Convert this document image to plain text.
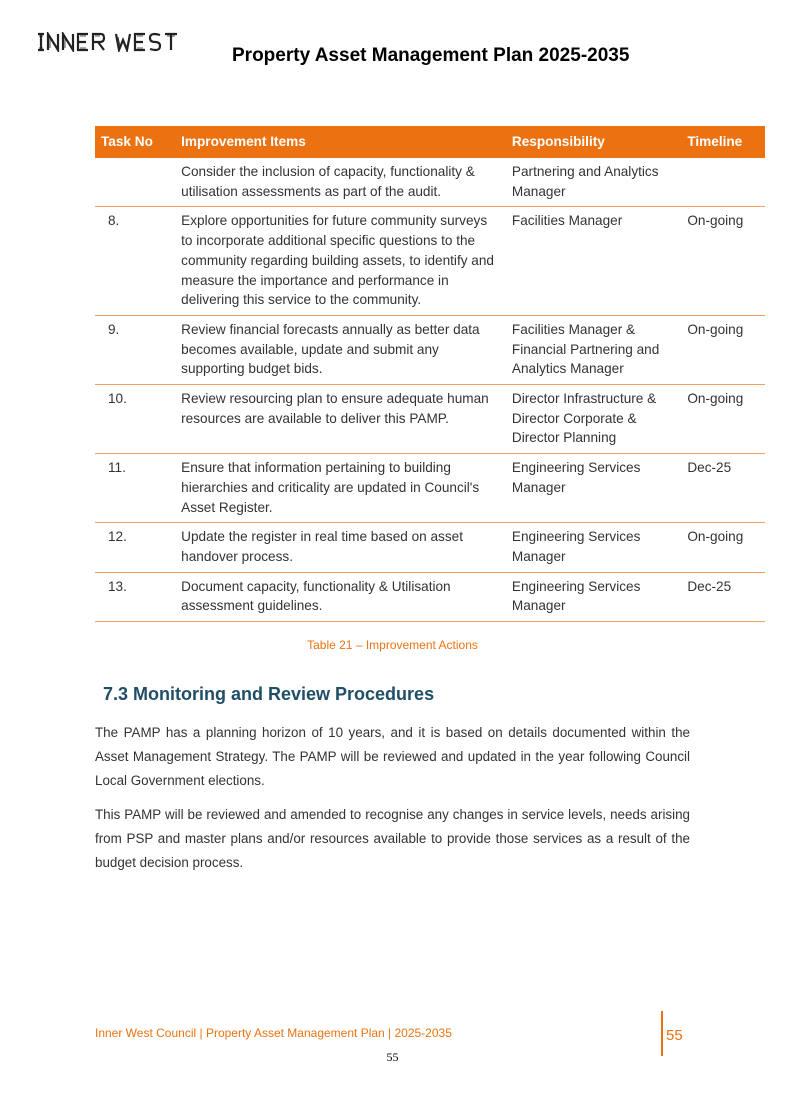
Property Asset Management Plan 2025-2035
Task No	Improvement Items	Responsibility	Timeline
	Consider the inclusion of capacity, functionality & utilisation assessments as part of the audit.	Partnering and Analytics Manager	
8.	Explore opportunities for future community surveys to incorporate additional specific questions to the community regarding building assets, to identify and measure the importance and performance in delivering this service to the community.	Facilities Manager	On-going
9.	Review financial forecasts annually as better data becomes available, update and submit any supporting budget bids.	Facilities Manager & Financial Partnering and Analytics Manager	On-going
10.	Review resourcing plan to ensure adequate human resources are available to deliver this PAMP.	Director Infrastructure & Director Corporate & Director Planning	On-going
11.	Ensure that information pertaining to building hierarchies and criticality are updated in Council's Asset Register.	Engineering Services Manager	Dec-25
12.	Update the register in real time based on asset handover process.	Engineering Services Manager	On-going
13.	Document capacity, functionality & Utilisation assessment guidelines.	Engineering Services Manager	Dec-25
Table 21 – Improvement Actions
7.3 Monitoring and Review Procedures

The PAMP has a planning horizon of 10 years, and it is based on details documented within the Asset Management Strategy. The PAMP will be reviewed and updated in the year following Council Local Government elections.

This PAMP will be reviewed and amended to recognise any changes in service levels, needs arising from PSP and master plans and/or resources available to provide those services as a result of the budget decision process.

Inner West Council | Property Asset Management Plan | 2025-2035	55
55
